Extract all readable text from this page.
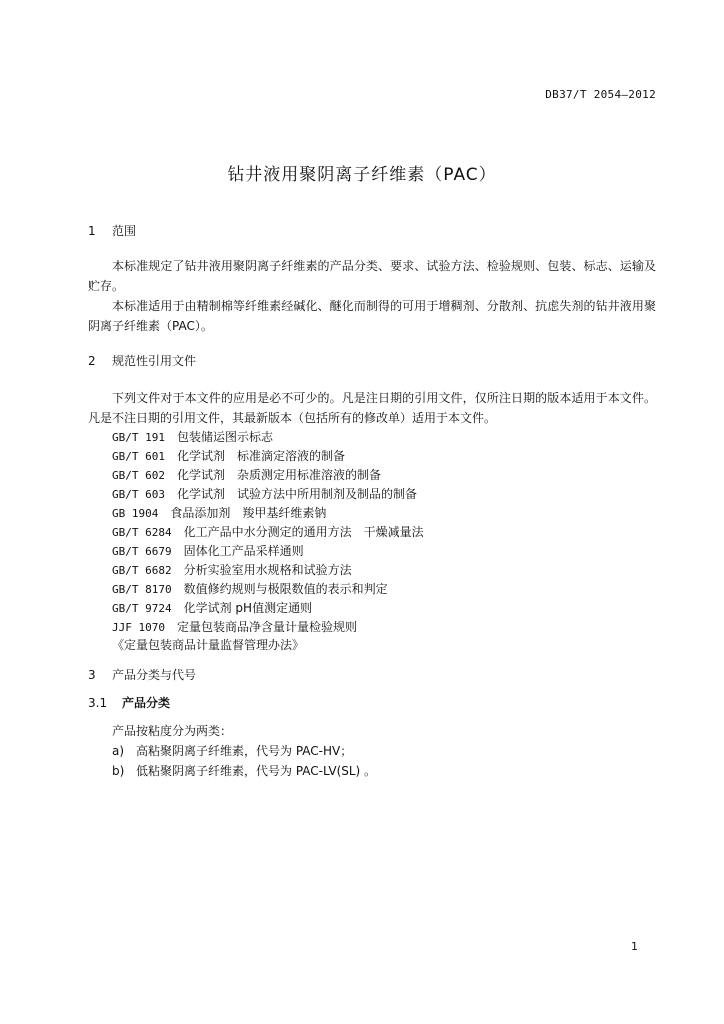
DB37/T 2054—2012
钻井液用聚阴离子纤维素（PAC）
1 范围
本标准规定了钻井液用聚阴离子纤维素的产品分类、要求、试验方法、检验规则、包装、标志、运输及贮存。
本标准适用于由精制棉等纤维素经碱化、醚化而制得的可用于增稠剂、分散剂、抗虑失剂的钻井液用聚阴离子纤维素（PAC）。
2 规范性引用文件
下列文件对于本文件的应用是必不可少的。凡是注日期的引用文件，仅所注日期的版本适用于本文件。凡是不注日期的引用文件，其最新版本（包括所有的修改单）适用于本文件。
GB/T 191 包装储运图示标志
GB/T 601 化学试剂　标准滴定溶液的制备
GB/T 602 化学试剂　杂质测定用标准溶液的制备
GB/T 603 化学试剂　试验方法中所用制剂及制品的制备
GB 1904 食品添加剂　羧甲基纤维素钠
GB/T 6284 化工产品中水分测定的通用方法　干燥减量法
GB/T 6679 固体化工产品采样通则
GB/T 6682 分析实验室用水规格和试验方法
GB/T 8170 数值修约规则与极限数值的表示和判定
GB/T 9724 化学试剂 pH值测定通则
JJF 1070 定量包装商品净含量计量检验规则
《定量包装商品计量监督管理办法》
3 产品分类与代号
3.1 产品分类
产品按粘度分为两类：
a) 高粘聚阴离子纤维素，代号为 PAC-HV；
b) 低粘聚阴离子纤维素，代号为 PAC-LV(SL) 。
1
